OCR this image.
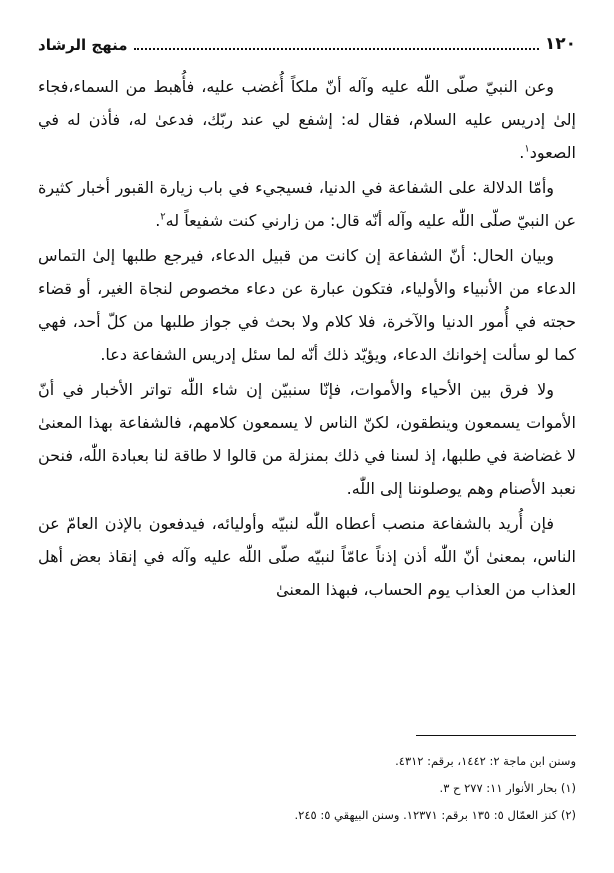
١٢٠
منهج الرشاد

وعن النبيّ صلّى اللّٰه عليه وآله أنّ ملكاً أُغضب عليه، فأُهبط من السماء،فجاء إلىٰ إدريس عليه السلام، فقال له: إشفع لي عند ربّك، فدعىٰ له، فأذن له في الصعود$^١$.

وأمّا الدلالة على الشفاعة في الدنيا، فسيجيء في باب زيارة القبور أخبار كثيرة عن النبيّ صلّى اللّٰه عليه وآله أنّه قال: من زارني كنت شفيعاً له$^٢$.

وبيان الحال: أنّ الشفاعة إن كانت من قبيل الدعاء، فيرجع طلبها إلىٰ التماس الدعاء من الأنبياء والأولياء، فتكون عبارة عن دعاء مخصوص لنجاة الغير، أو قضاء حجته في أُمور الدنيا والآخرة، فلا كلام ولا بحث في جواز طلبها من كلّ أحد، فهي كما لو سألت إخوانك الدعاء، ويؤيّد ذلك أنّه لما سئل إدريس الشفاعة دعا.

ولا فرق بين الأحياء والأموات، فإنّا سنبيّن إن شاء اللّٰه تواتر الأخبار في أنّ الأموات يسمعون وينطقون، لكنّ الناس لا يسمعون كلامهم، فالشفاعة بهذا المعنىٰ لا غضاضة في طلبها، إذ لسنا في ذلك بمنزلة من قالوا لا طاقة لنا بعبادة اللّٰه، فنحن نعبد الأصنام وهم يوصلوننا إلى اللّٰه.

فإن أُريد بالشفاعة منصب أعطاه اللّٰه لنبيّه وأوليائه، فيدفعون بالإذن العامّ عن الناس، بمعنىٰ أنّ اللّٰه أذن إذناً عامّاً لنبيّه صلّى اللّٰه عليه وآله في إنقاذ بعض أهل العذاب من العذاب يوم الحساب، فبهذا المعنىٰ

وسنن ابن ماجة ٢: ١٤٤٢، برقم: ٤٣١٢.
(١) بحار الأنوار ١١: ٢٧٧ ح ٣.
(٢) كنز العمّال ٥: ١٣٥ برقم: ١٢٣٧١. وسنن البيهقي ٥: ٢٤٥.
